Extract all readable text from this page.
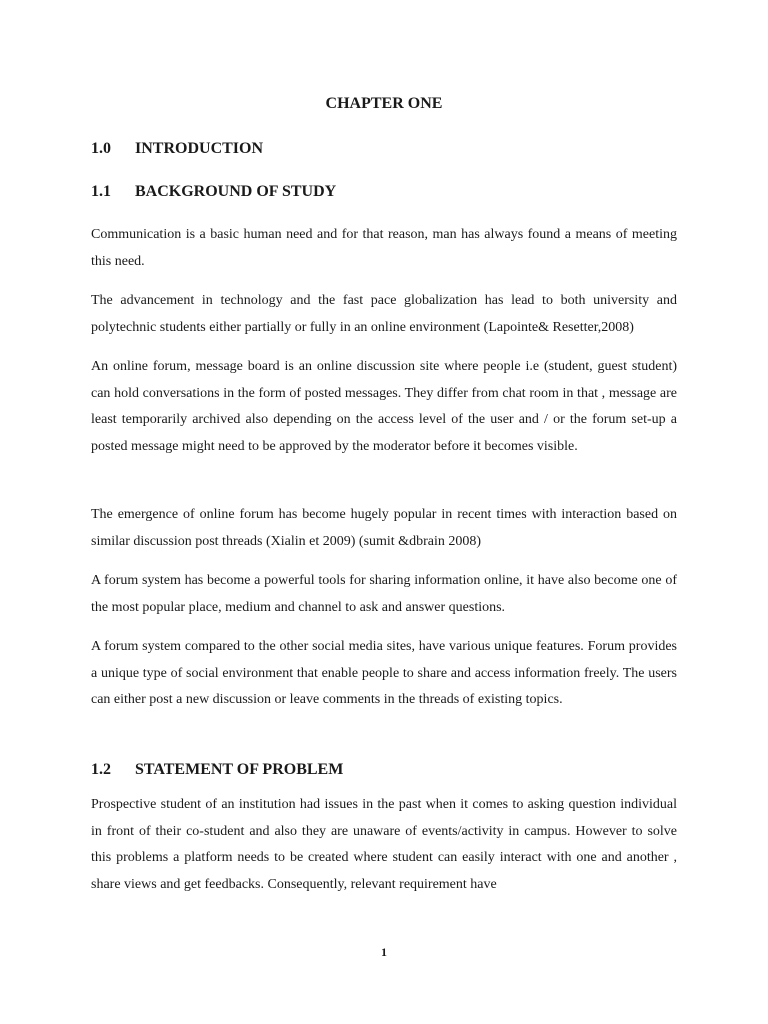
CHAPTER ONE
1.0 INTRODUCTION
1.1 BACKGROUND OF STUDY

Communication is a basic human need and for that reason, man has always found a means of meeting this need.

The advancement in technology and the fast pace globalization has lead to both university and polytechnic students either partially or fully in an online environment (Lapointe& Resetter,2008)

An online forum, message board is an online discussion site where people i.e (student, guest student) can hold conversations in the form of posted messages. They differ from chat room in that , message are least temporarily archived also depending on the access level of the user and / or the forum set-up a posted message might need to be approved by the moderator before it becomes visible.

The emergence of online forum has become hugely popular in recent times with interaction based on similar discussion post threads (Xialin et 2009) (sumit &dbrain 2008)

A forum system has become a powerful tools for sharing information online, it have also become one of the most popular place, medium and channel to ask and answer questions.

A forum system compared to the other social media sites, have various unique features. Forum provides a unique type of social environment that enable people to share and access information freely. The users can either post a new discussion or leave comments in the threads of existing topics.

1.2 STATEMENT OF PROBLEM

Prospective student of an institution had issues in the past when it comes to asking question individual in front of their co-student and also they are unaware of events/activity in campus. However to solve this problems a platform needs to be created where student can easily interact with one and another , share views and get feedbacks. Consequently, relevant requirement have

1
